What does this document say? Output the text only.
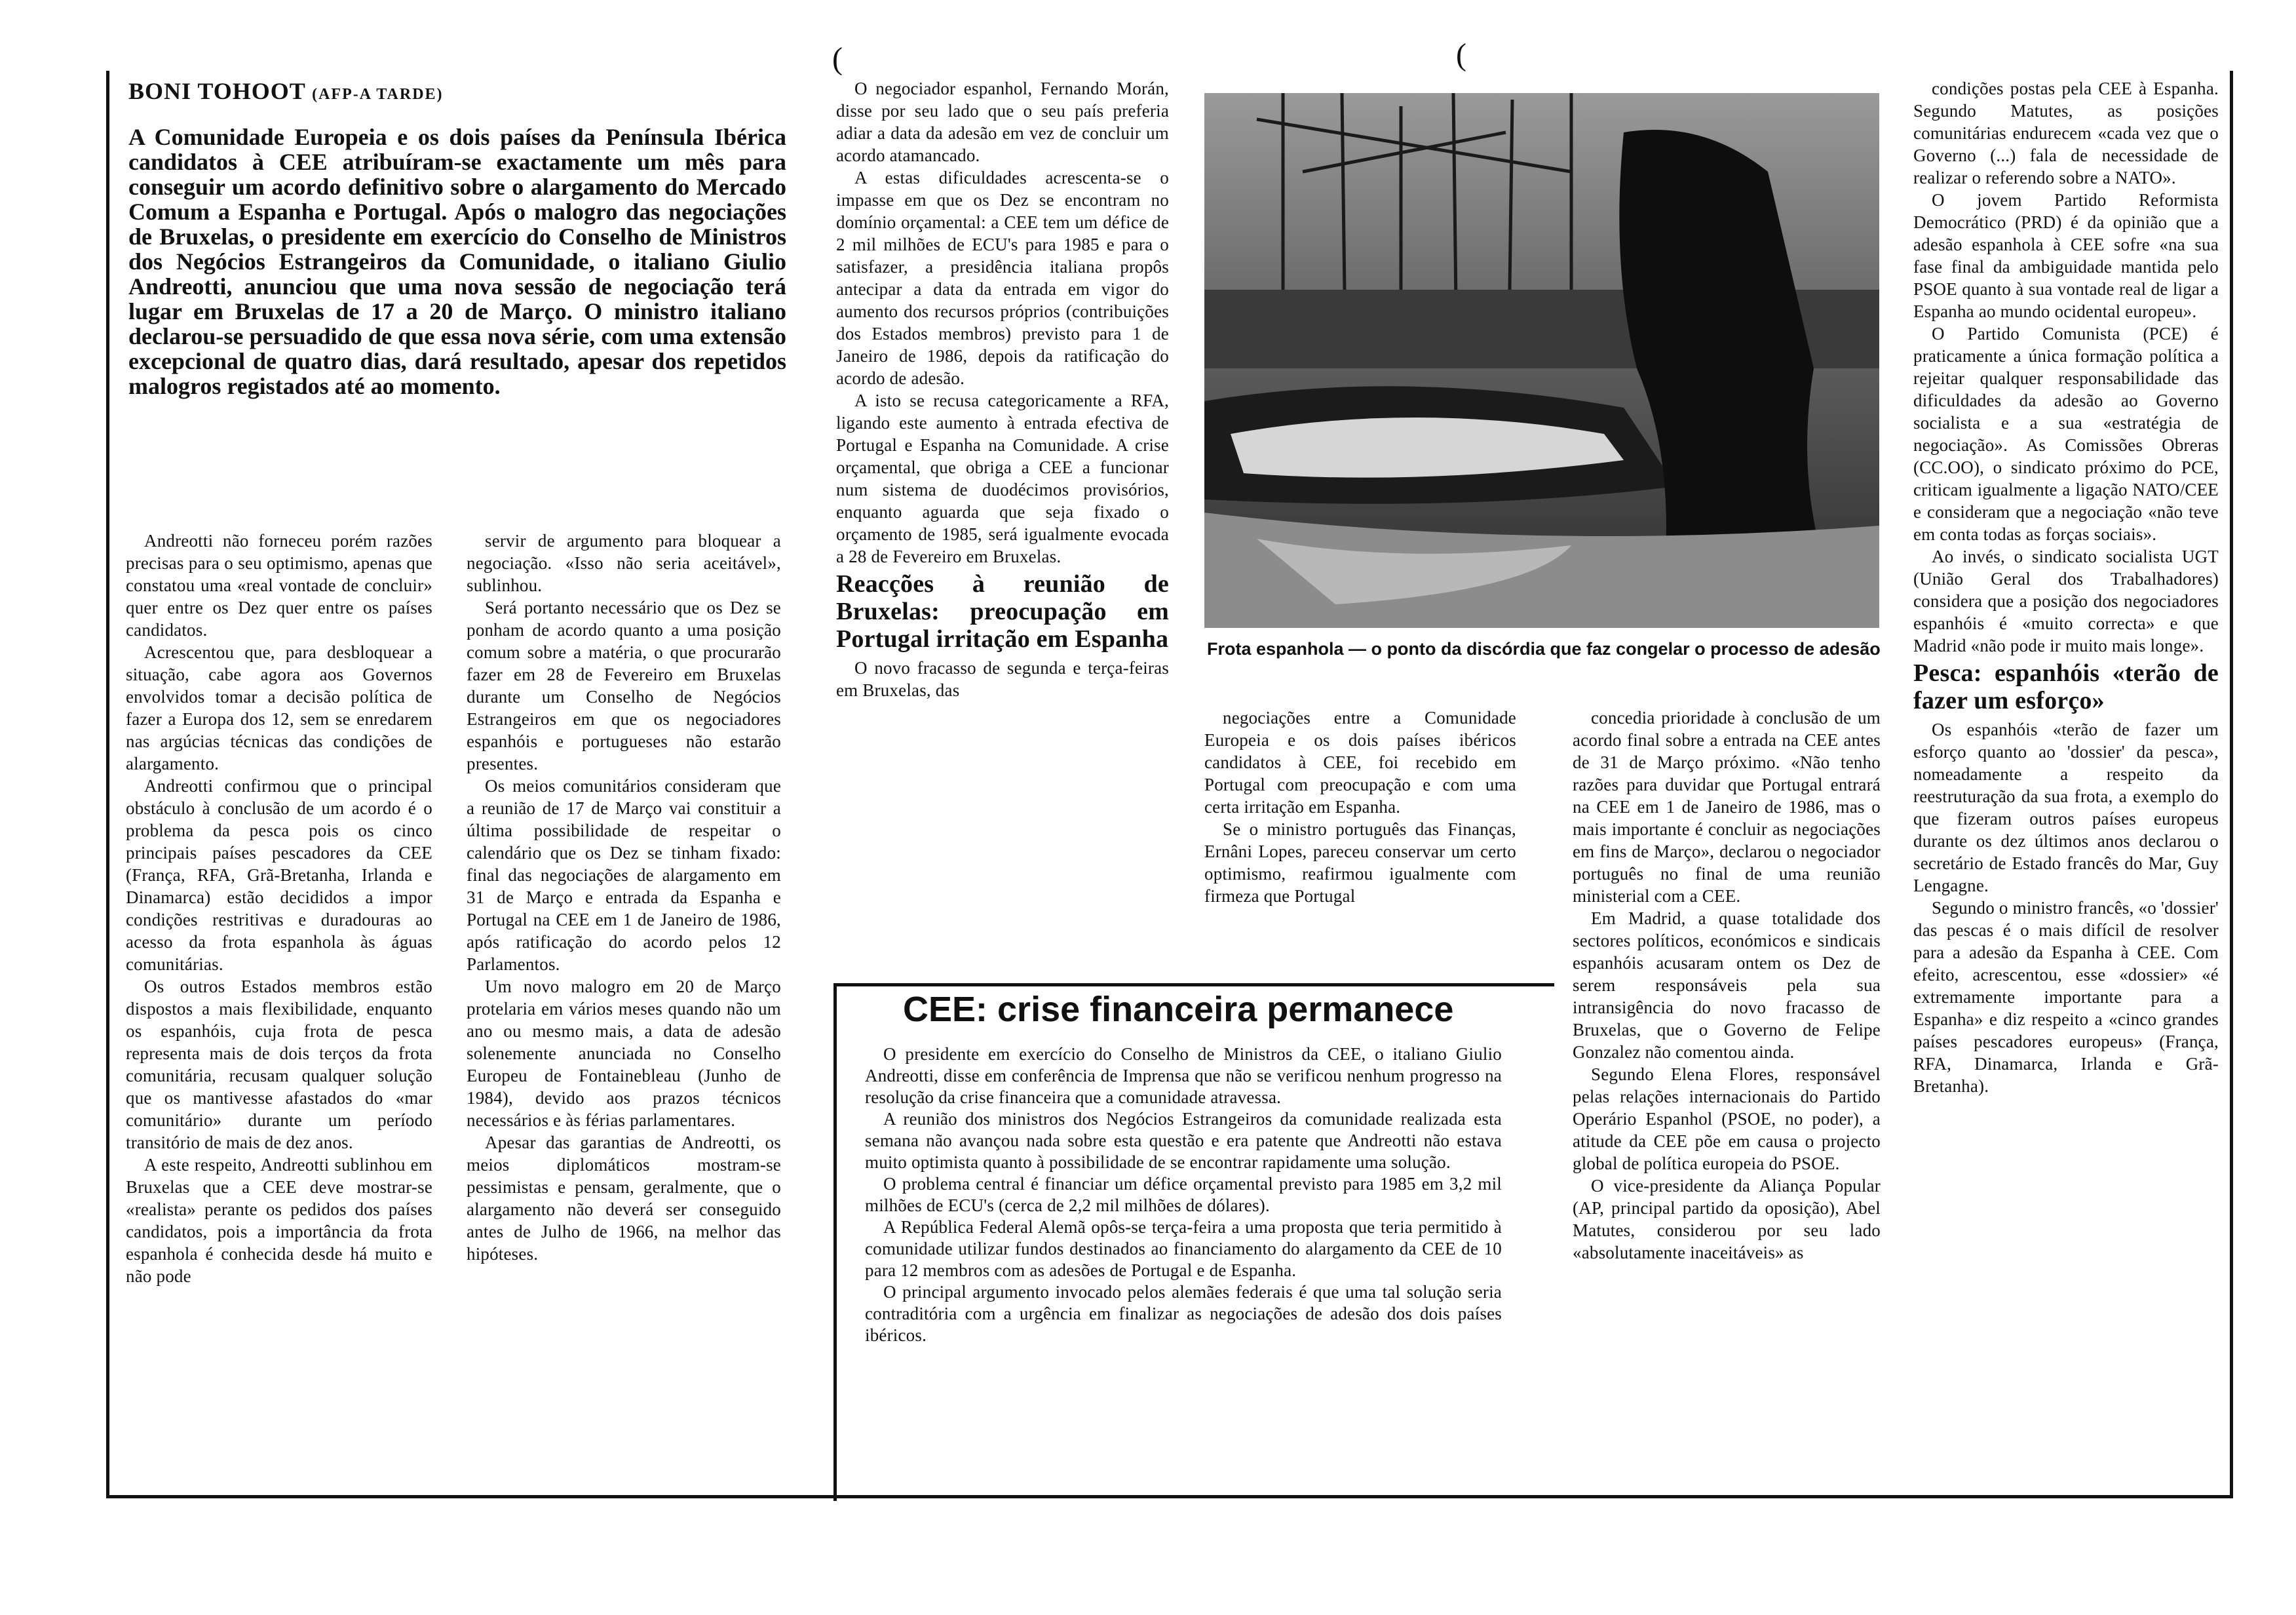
(	(
BONI TOHOOT (AFP-A TARDE)
A Comunidade Europeia e os dois países da Península Ibérica candidatos à CEE atribuíram-se exactamente um mês para conseguir um acordo definitivo sobre o alargamento do Mercado Comum a Espanha e Portugal. Após o malogro das negociações de Bruxelas, o presidente em exercício do Conselho de Ministros dos Negócios Estrangeiros da Comunidade, o italiano Giulio Andreotti, anunciou que uma nova sessão de negociação terá lugar em Bruxelas de 17 a 20 de Março. O ministro italiano declarou-se persuadido de que essa nova série, com uma extensão excepcional de quatro dias, dará resultado, apesar dos repetidos malogros registados até ao momento.

Andreotti não forneceu porém razões precisas para o seu optimismo, apenas que constatou uma «real vontade de concluir» quer entre os Dez quer entre os países candidatos.

Acrescentou que, para desbloquear a situação, cabe agora aos Governos envolvidos tomar a decisão política de fazer a Europa dos 12, sem se enredarem nas argúcias técnicas das condições de alargamento.

Andreotti confirmou que o principal obstáculo à conclusão de um acordo é o problema da pesca pois os cinco principais países pescadores da CEE (França, RFA, Grã-Bretanha, Irlanda e Dinamarca) estão decididos a impor condições restritivas e duradouras ao acesso da frota espanhola às águas comunitárias.

Os outros Estados membros estão dispostos a mais flexibilidade, enquanto os espanhóis, cuja frota de pesca representa mais de dois terços da frota comunitária, recusam qualquer solução que os mantivesse afastados do «mar comunitário» durante um período transitório de mais de dez anos.

A este respeito, Andreotti sublinhou em Bruxelas que a CEE deve mostrar-se «realista» perante os pedidos dos países candidatos, pois a importância da frota espanhola é conhecida desde há muito e não pode

servir de argumento para bloquear a negociação. «Isso não seria aceitável», sublinhou.

Será portanto necessário que os Dez se ponham de acordo quanto a uma posição comum sobre a matéria, o que procurarão fazer em 28 de Fevereiro em Bruxelas durante um Conselho de Negócios Estrangeiros em que os negociadores espanhóis e portugueses não estarão presentes.

Os meios comunitários consideram que a reunião de 17 de Março vai constituir a última possibilidade de respeitar o calendário que os Dez se tinham fixado: final das negociações de alargamento em 31 de Março e entrada da Espanha e Portugal na CEE em 1 de Janeiro de 1986, após ratificação do acordo pelos 12 Parlamentos.

Um novo malogro em 20 de Março protelaria em vários meses quando não um ano ou mesmo mais, a data de adesão solenemente anunciada no Conselho Europeu de Fontainebleau (Junho de 1984), devido aos prazos técnicos necessários e às férias parlamentares.

Apesar das garantias de Andreotti, os meios diplomáticos mostram-se pessimistas e pensam, geralmente, que o alargamento não deverá ser conseguido antes de Julho de 1966, na melhor das hipóteses.

O negociador espanhol, Fernando Morán, disse por seu lado que o seu país preferia adiar a data da adesão em vez de concluir um acordo atamancado.

A estas dificuldades acrescenta-se o impasse em que os Dez se encontram no domínio orçamental: a CEE tem um défice de 2 mil milhões de ECU's para 1985 e para o satisfazer, a presidência italiana propôs antecipar a data da entrada em vigor do aumento dos recursos próprios (contribuições dos Estados membros) previsto para 1 de Janeiro de 1986, depois da ratificação do acordo de adesão.

A isto se recusa categoricamente a RFA, ligando este aumento à entrada efectiva de Portugal e Espanha na Comunidade. A crise orçamental, que obriga a CEE a funcionar num sistema de duodécimos provisórios, enquanto aguarda que seja fixado o orçamento de 1985, será igualmente evocada a 28 de Fevereiro em Bruxelas.

Reacções à reunião de Bruxelas: preocupação em Portugal irritação em Espanha

O novo fracasso de segunda e terça-feiras em Bruxelas, das

Frota espanhola — o ponto da discórdia que faz congelar o processo de adesão

negociações entre a Comunidade Europeia e os dois países ibéricos candidatos à CEE, foi recebido em Portugal com preocupação e com uma certa irritação em Espanha.

Se o ministro português das Finanças, Ernâni Lopes, pareceu conservar um certo optimismo, reafirmou igualmente com firmeza que Portugal

concedia prioridade à conclusão de um acordo final sobre a entrada na CEE antes de 31 de Março próximo. «Não tenho razões para duvidar que Portugal entrará na CEE em 1 de Janeiro de 1986, mas o mais importante é concluir as negociações em fins de Março», declarou o negociador português no final de uma reunião ministerial com a CEE.

Em Madrid, a quase totalidade dos sectores políticos, económicos e sindicais espanhóis acusaram ontem os Dez de serem responsáveis pela sua intransigência do novo fracasso de Bruxelas, que o Governo de Felipe Gonzalez não comentou ainda.

Segundo Elena Flores, responsável pelas relações internacionais do Partido Operário Espanhol (PSOE, no poder), a atitude da CEE põe em causa o projecto global de política europeia do PSOE.

O vice-presidente da Aliança Popular (AP, principal partido da oposição), Abel Matutes, considerou por seu lado «absolutamente inaceitáveis» as

condições postas pela CEE à Espanha. Segundo Matutes, as posições comunitárias endurecem «cada vez que o Governo (...) fala de necessidade de realizar o referendo sobre a NATO».

O jovem Partido Reformista Democrático (PRD) é da opinião que a adesão espanhola à CEE sofre «na sua fase final da ambiguidade mantida pelo PSOE quanto à sua vontade real de ligar a Espanha ao mundo ocidental europeu».

O Partido Comunista (PCE) é praticamente a única formação política a rejeitar qualquer responsabilidade das dificuldades da adesão ao Governo socialista e a sua «estratégia de negociação». As Comissões Obreras (CC.OO), o sindicato próximo do PCE, criticam igualmente a ligação NATO/CEE e consideram que a negociação «não teve em conta todas as forças sociais».

Ao invés, o sindicato socialista UGT (União Geral dos Trabalhadores) considera que a posição dos negociadores espanhóis é «muito correcta» e que Madrid «não pode ir muito mais longe».

Pesca: espanhóis «terão de fazer um esforço»

Os espanhóis «terão de fazer um esforço quanto ao 'dossier' da pesca», nomeadamente a respeito da reestruturação da sua frota, a exemplo do que fizeram outros países europeus durante os dez últimos anos declarou o secretário de Estado francês do Mar, Guy Lengagne.

Segundo o ministro francês, «o 'dossier' das pescas é o mais difícil de resolver para a adesão da Espanha à CEE. Com efeito, acrescentou, esse «dossier» «é extremamente importante para a Espanha» e diz respeito a «cinco grandes países pescadores europeus» (França, RFA, Dinamarca, Irlanda e Grã-Bretanha).

CEE: crise financeira permanece

O presidente em exercício do Conselho de Ministros da CEE, o italiano Giulio Andreotti, disse em conferência de Imprensa que não se verificou nenhum progresso na resolução da crise financeira que a comunidade atravessa.

A reunião dos ministros dos Negócios Estrangeiros da comunidade realizada esta semana não avançou nada sobre esta questão e era patente que Andreotti não estava muito optimista quanto à possibilidade de se encontrar rapidamente uma solução.

O problema central é financiar um défice orçamental previsto para 1985 em 3,2 mil milhões de ECU's (cerca de 2,2 mil milhões de dólares).

A República Federal Alemã opôs-se terça-feira a uma proposta que teria permitido à comunidade utilizar fundos destinados ao financiamento do alargamento da CEE de 10 para 12 membros com as adesões de Portugal e de Espanha.

O principal argumento invocado pelos alemães federais é que uma tal solução seria contraditória com a urgência em finalizar as negociações de adesão dos dois países ibéricos.
